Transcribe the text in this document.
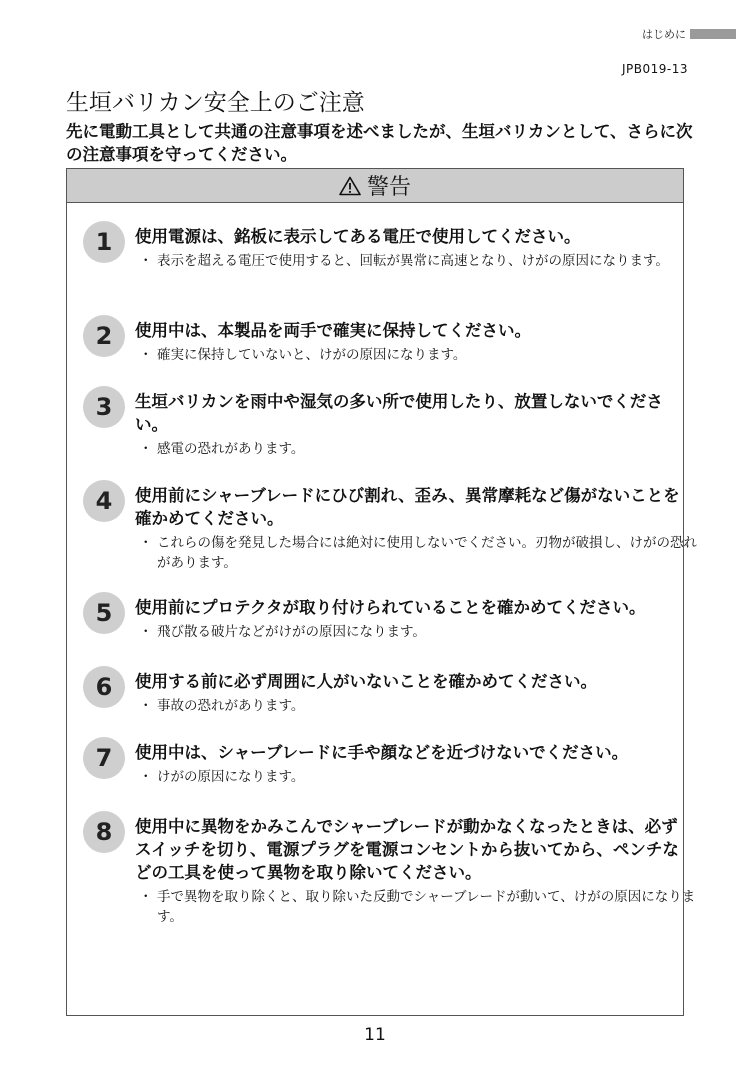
はじめに
JPB019-13
生垣バリカン安全上のご注意
先に電動工具として共通の注意事項を述べましたが、生垣バリカンとして、さらに次の注意事項を守ってください。
警告
1	使用電源は、銘板に表示してある電圧で使用してください。
・ 表示を超える電圧で使用すると、回転が異常に高速となり、けがの原因になります。
2	使用中は、本製品を両手で確実に保持してください。
・ 確実に保持していないと、けがの原因になります。
3	生垣バリカンを雨中や湿気の多い所で使用したり、放置しないでください。
・ 感電の恐れがあります。
4	使用前にシャーブレードにひび割れ、歪み、異常摩耗など傷がないことを確かめてください。
・ これらの傷を発見した場合には絶対に使用しないでください。刃物が破損し、けがの恐れがあります。
5	使用前にプロテクタが取り付けられていることを確かめてください。
・ 飛び散る破片などがけがの原因になります。
6	使用する前に必ず周囲に人がいないことを確かめてください。
・ 事故の恐れがあります。
7	使用中は、シャーブレードに手や顔などを近づけないでください。
・ けがの原因になります。
8	使用中に異物をかみこんでシャーブレードが動かなくなったときは、必ずスイッチを切り、電源プラグを電源コンセントから抜いてから、ペンチなどの工具を使って異物を取り除いてください。
・ 手で異物を取り除くと、取り除いた反動でシャーブレードが動いて、けがの原因になります。
11
